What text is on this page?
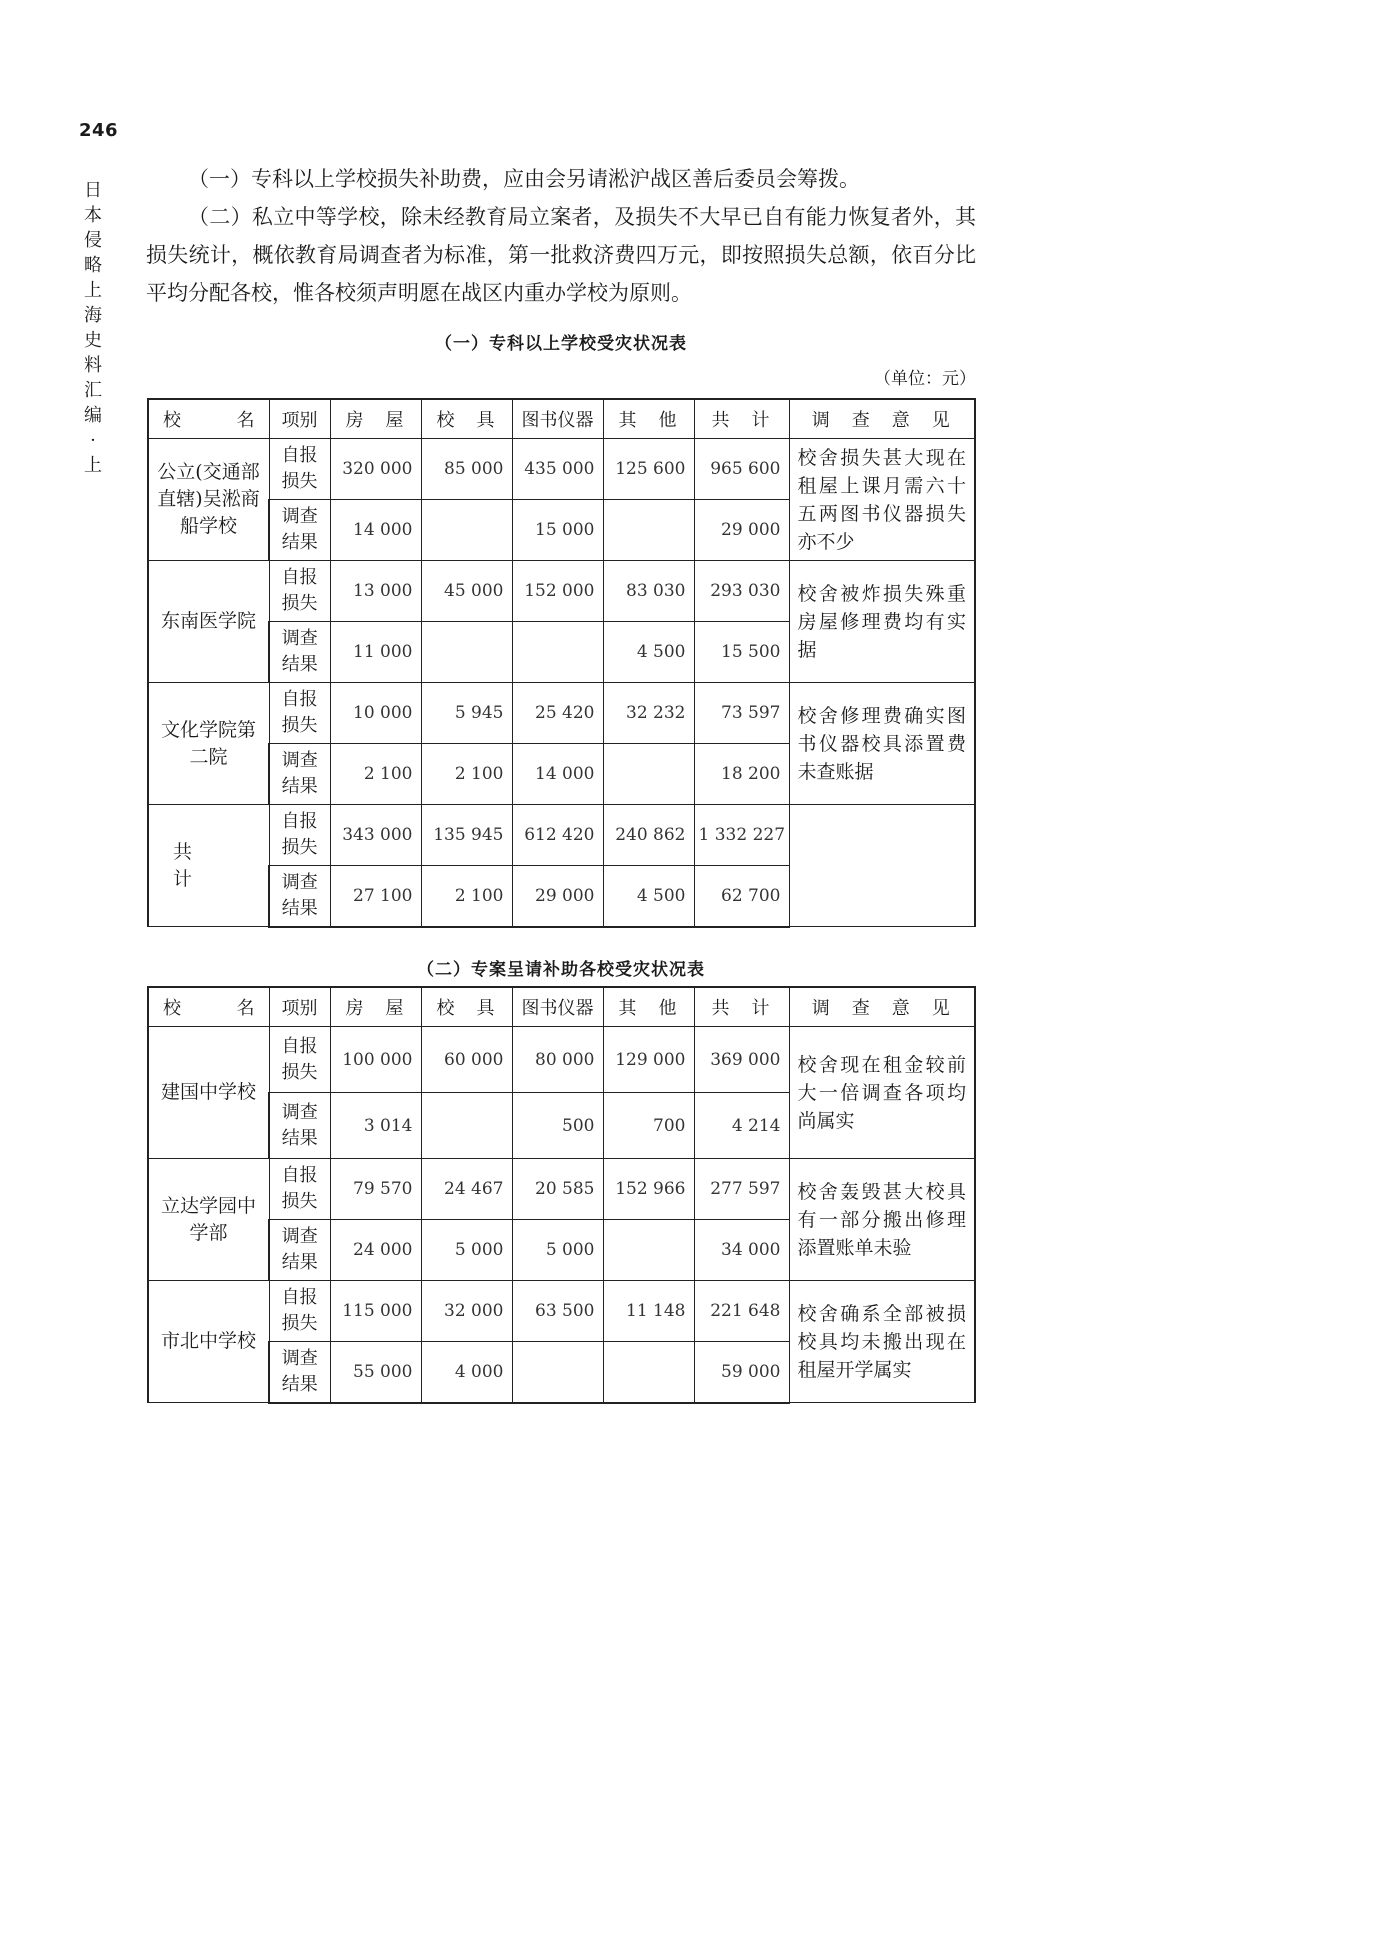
246
日本侵略上海史料汇编·上

（一）专科以上学校损失补助费，应由会另请淞沪战区善后委员会筹拨。

（二）私立中等学校，除未经教育局立案者，及损失不大早已自有能力恢复者外，其损失统计，概依教育局调查者为标准，第一批救济费四万元，即按照损失总额，依百分比平均分配各校，惟各校须声明愿在战区内重办学校为原则。

（一）专科以上学校受灾状况表
（单位：元）
校　　名	项别	房　屋	校　具	图书仪器	其　他	共　计	调　查　意　见
公立(交通部直辖)吴淞商船学校	自报损失	320 000	85 000	435 000	125 600	965 600	校舍损失甚大现在租屋上课月需六十五两图书仪器损失亦不少
	调查结果	14 000		15 000		29 000	
东南医学院	自报损失	13 000	45 000	152 000	83 030	293 030	校舍被炸损失殊重房屋修理费均有实据
	调查结果	11 000			4 500	15 500	
文化学院第二院	自报损失	10 000	5 945	25 420	32 232	73 597	校舍修理费确实图书仪器校具添置费未查账据
	调查结果	2 100	2 100	14 000		18 200	
共　　计	自报损失	343 000	135 945	612 420	240 862	1 332 227	
	调查结果	27 100	2 100	29 000	4 500	62 700	
（二）专案呈请补助各校受灾状况表
校　　名	项别	房　屋	校　具	图书仪器	其　他	共　计	调　查　意　见
建国中学校	自报损失	100 000	60 000	80 000	129 000	369 000	校舍现在租金较前大一倍调查各项均尚属实
	调查结果	3 014		500	700	4 214	
立达学园中学部	自报损失	79 570	24 467	20 585	152 966	277 597	校舍轰毁甚大校具有一部分搬出修理添置账单未验
	调查结果	24 000	5 000	5 000		34 000	
市北中学校	自报损失	115 000	32 000	63 500	11 148	221 648	校舍确系全部被损校具均未搬出现在租屋开学属实
	调查结果	55 000	4 000			59 000	
